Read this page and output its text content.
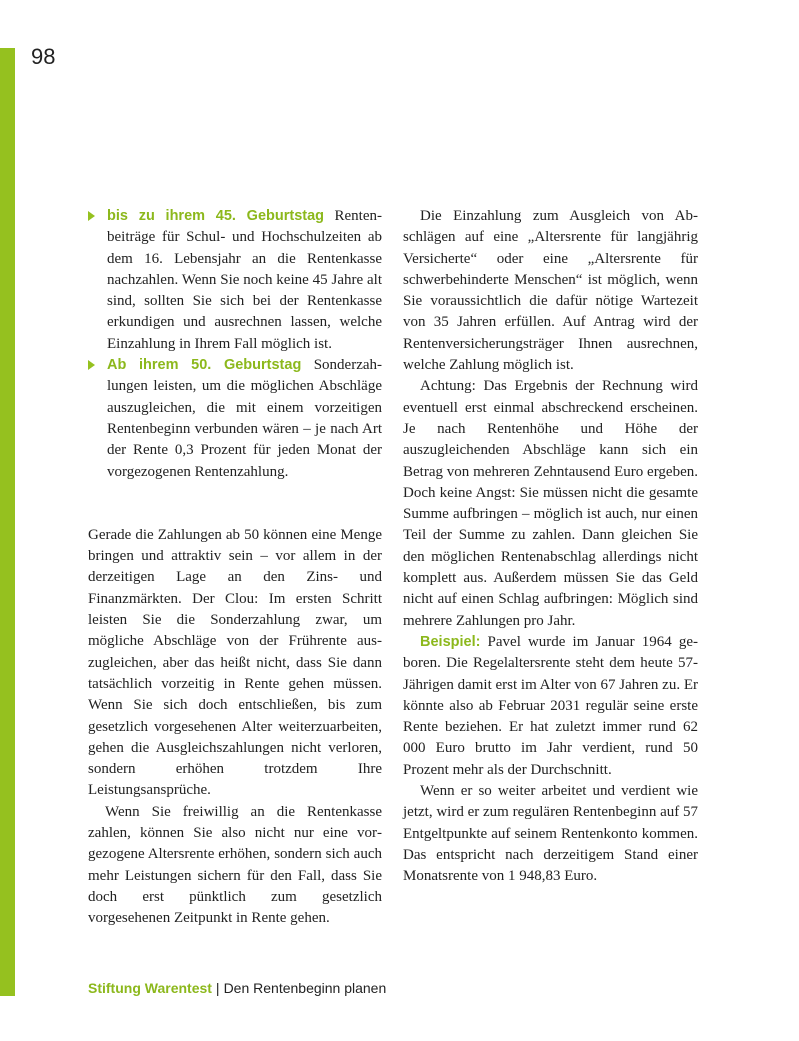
98

bis zu ihrem 45. Geburtstag Rentenbeiträge für Schul- und Hochschulzeiten ab dem 16. Lebensjahr an die Rentenkasse nachzahlen. Wenn Sie noch keine 45 Jahre alt sind, sollten Sie sich bei der Rentenkasse erkundigen und ausrechnen lassen, welche Einzahlung in Ihrem Fall möglich ist.

Ab ihrem 50. Geburtstag Sonderzahlungen leisten, um die möglichen Abschläge auszugleichen, die mit einem vorzeitigen Rentenbeginn verbunden wären – je nach Art der Rente 0,3 Prozent für jeden Monat der vorgezogenen Rentenzahlung.

Gerade die Zahlungen ab 50 können eine Menge bringen und attraktiv sein – vor allem in der derzeitigen Lage an den Zins- und Finanzmärkten. Der Clou: Im ersten Schritt leisten Sie die Sonderzahlung zwar, um mögliche Abschläge von der Frührente auszugleichen, aber das heißt nicht, dass Sie dann tatsächlich vorzeitig in Rente gehen müssen. Wenn Sie sich doch entschließen, bis zum gesetzlich vorgesehenen Alter weiterzuarbeiten, gehen die Ausgleichszahlungen nicht verloren, sondern erhöhen trotzdem Ihre Leistungsansprüche.

Wenn Sie freiwillig an die Rentenkasse zahlen, können Sie also nicht nur eine vorgezogene Altersrente erhöhen, sondern sich auch mehr Leistungen sichern für den Fall, dass Sie doch erst pünktlich zum gesetzlich vorgesehenen Zeitpunkt in Rente gehen.

Die Einzahlung zum Ausgleich von Abschlägen auf eine „Altersrente für langjährig Versicherte“ oder eine „Altersrente für schwerbehinderte Menschen“ ist möglich, wenn Sie voraussichtlich die dafür nötige Wartezeit von 35 Jahren erfüllen. Auf Antrag wird der Rentenversicherungsträger Ihnen ausrechnen, welche Zahlung möglich ist.

Achtung: Das Ergebnis der Rechnung wird eventuell erst einmal abschreckend erscheinen. Je nach Rentenhöhe und Höhe der auszugleichenden Abschläge kann sich ein Betrag von mehreren Zehntausend Euro ergeben. Doch keine Angst: Sie müssen nicht die gesamte Summe aufbringen – möglich ist auch, nur einen Teil der Summe zu zahlen. Dann gleichen Sie den möglichen Rentenabschlag allerdings nicht komplett aus. Außerdem müssen Sie das Geld nicht auf einen Schlag aufbringen: Möglich sind mehrere Zahlungen pro Jahr.

Beispiel: Pavel wurde im Januar 1964 geboren. Die Regelaltersrente steht dem heute 57-Jährigen damit erst im Alter von 67 Jahren zu. Er könnte also ab Februar 2031 regulär seine erste Rente beziehen. Er hat zuletzt immer rund 62 000 Euro brutto im Jahr verdient, rund 50 Prozent mehr als der Durchschnitt.

Wenn er so weiter arbeitet und verdient wie jetzt, wird er zum regulären Rentenbeginn auf 57 Entgeltpunkte auf seinem Rentenkonto kommen. Das entspricht nach derzeitigem Stand einer Monatsrente von 1 948,83 Euro.

Stiftung Warentest | Den Rentenbeginn planen
